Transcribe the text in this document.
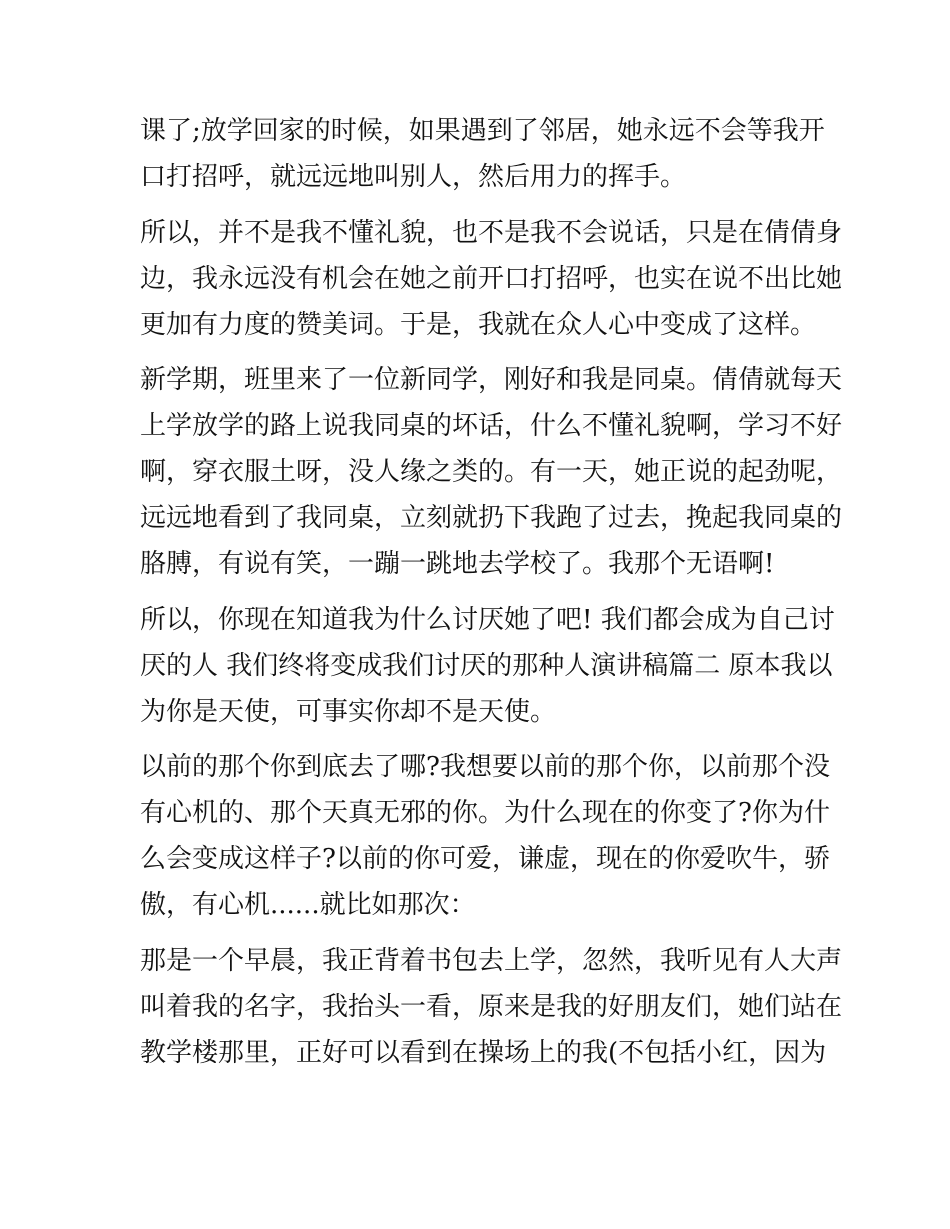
课了;放学回家的时候，如果遇到了邻居，她永远不会等我开
口打招呼，就远远地叫别人，然后用力的挥手。
所以，并不是我不懂礼貌，也不是我不会说话，只是在倩倩身
边，我永远没有机会在她之前开口打招呼，也实在说不出比她
更加有力度的赞美词。于是，我就在众人心中变成了这样。
新学期，班里来了一位新同学，刚好和我是同桌。倩倩就每天
上学放学的路上说我同桌的坏话，什么不懂礼貌啊，学习不好
啊，穿衣服土呀，没人缘之类的。有一天，她正说的起劲呢，
远远地看到了我同桌，立刻就扔下我跑了过去，挽起我同桌的
胳膊，有说有笑，一蹦一跳地去学校了。我那个无语啊!
所以，你现在知道我为什么讨厌她了吧! 我们都会成为自己讨
厌的人 我们终将变成我们讨厌的那种人演讲稿篇二 原本我以
为你是天使，可事实你却不是天使。
以前的那个你到底去了哪?我想要以前的那个你，以前那个没
有心机的、那个天真无邪的你。为什么现在的你变了?你为什
么会变成这样子?以前的你可爱，谦虚，现在的你爱吹牛，骄
傲，有心机......就比如那次：
那是一个早晨，我正背着书包去上学，忽然，我听见有人大声
叫着我的名字，我抬头一看，原来是我的好朋友们，她们站在
教学楼那里，正好可以看到在操场上的我(不包括小红，因为
